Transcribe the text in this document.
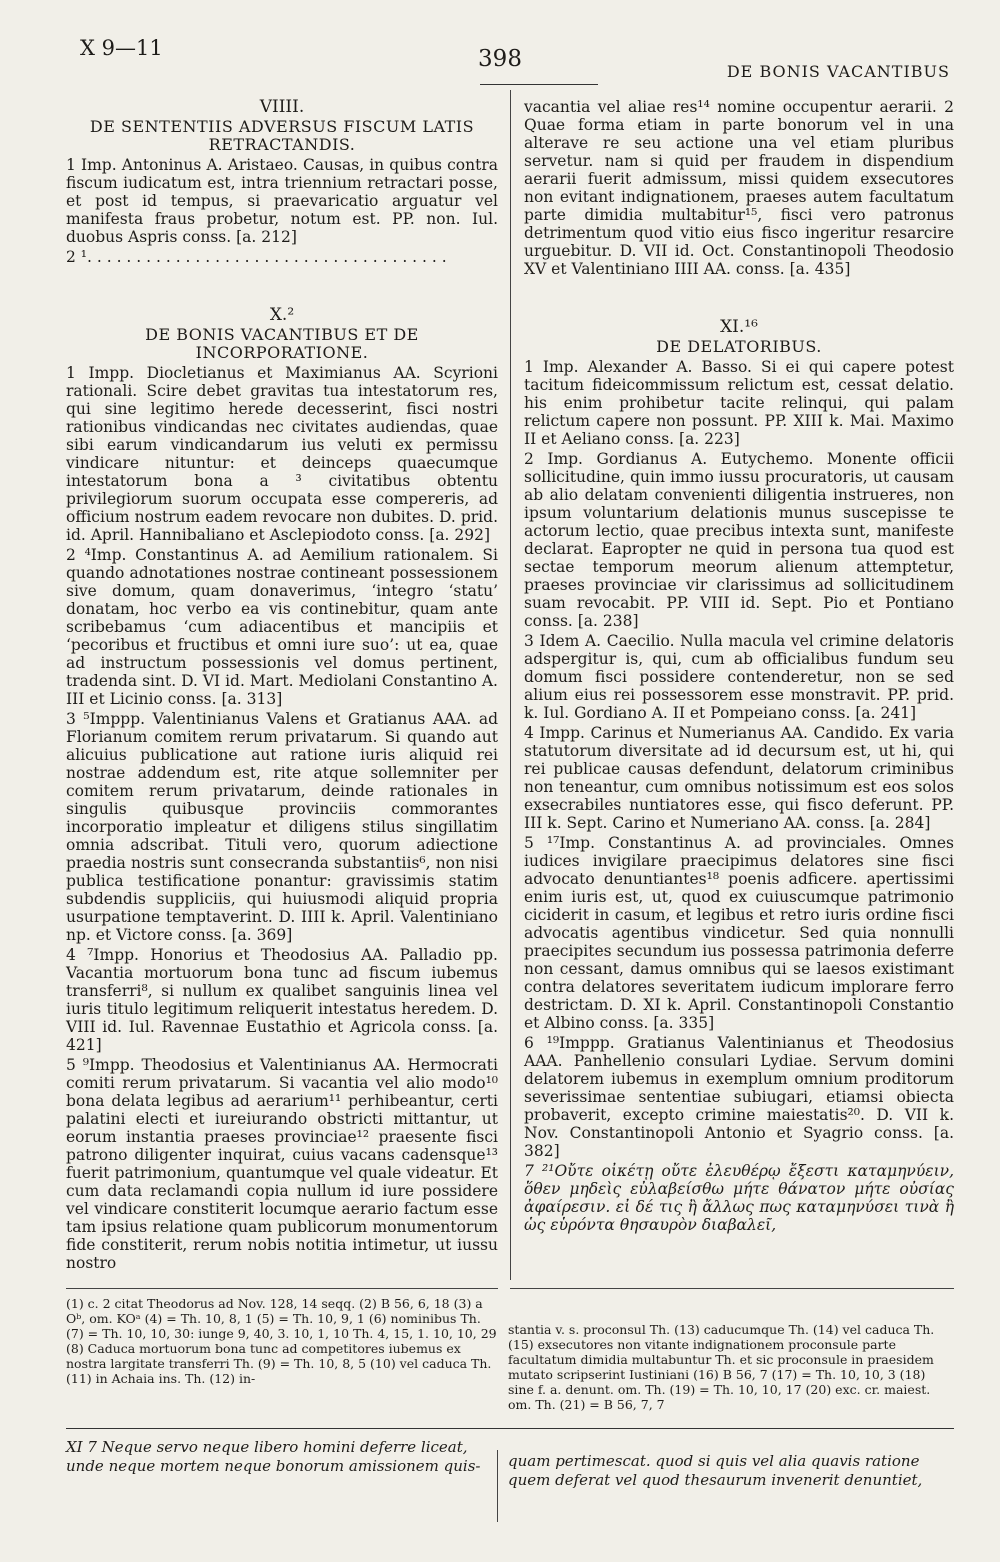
X 9—11	398	DE BONIS VACANTIBUS
VIIII.
DE SENTENTIIS ADVERSUS FISCUM LATIS RETRACTANDIS.

1 Imp. Antoninus A. Aristaeo. Causas, in quibus contra fiscum iudicatum est, intra triennium retractari posse, et post id tempus, si praevaricatio arguatur vel manifesta fraus probetur, notum est. PP. non. Iul. duobus Aspris conss. [a. 212]

2 ¹. . . . . . . . . . . . . . . . . . . . . . . . . . . . . . . . . . . . .

X.²
DE BONIS VACANTIBUS ET DE INCORPORATIONE.

1 Impp. Diocletianus et Maximianus AA. Scyrioni rationali. Scire debet gravitas tua intestatorum res, qui sine legitimo herede decesserint, fisci nostri rationibus vindicandas nec civitates audiendas, quae sibi earum vindicandarum ius veluti ex permissu vindicare nituntur: et deinceps quaecumque intestatorum bona a ³ civitatibus obtentu privilegiorum suorum occupata esse compereris, ad officium nostrum eadem revocare non dubites. D. prid. id. April. Hannibaliano et Asclepiodoto conss. [a. 292]

2 ⁴Imp. Constantinus A. ad Aemilium rationalem. Si quando adnotationes nostrae contineant possessionem sive domum, quam donaverimus, ‘integro ‘statu’ donatam, hoc verbo ea vis continebitur, quam ante scribebamus ‘cum adiacentibus et mancipiis et ‘pecoribus et fructibus et omni iure suo’: ut ea, quae ad instructum possessionis vel domus pertinent, tradenda sint. D. VI id. Mart. Mediolani Constantino A. III et Licinio conss. [a. 313]

3 ⁵Imppp. Valentinianus Valens et Gratianus AAA. ad Florianum comitem rerum privatarum. Si quando aut alicuius publicatione aut ratione iuris aliquid rei nostrae addendum est, rite atque sollemniter per comitem rerum privatarum, deinde rationales in singulis quibusque provinciis commorantes incorporatio impleatur et diligens stilus singillatim omnia adscribat. Tituli vero, quorum adiectione praedia nostris sunt consecranda substantiis⁶, non nisi publica testificatione ponantur: gravissimis statim subdendis suppliciis, qui huiusmodi aliquid propria usurpatione temptaverint. D. IIII k. April. Valentiniano np. et Victore conss. [a. 369]

4 ⁷Impp. Honorius et Theodosius AA. Palladio pp. Vacantia mortuorum bona tunc ad fiscum iubemus transferri⁸, si nullum ex qualibet sanguinis linea vel iuris titulo legitimum reliquerit intestatus heredem. D. VIII id. Iul. Ravennae Eustathio et Agricola conss. [a. 421]

5 ⁹Impp. Theodosius et Valentinianus AA. Hermocrati comiti rerum privatarum. Si vacantia vel alio modo¹⁰ bona delata legibus ad aerarium¹¹ perhibeantur, certi palatini electi et iureiurando obstricti mittantur, ut eorum instantia praeses provinciae¹² praesente fisci patrono diligenter inquirat, cuius vacans cadensque¹³ fuerit patrimonium, quantumque vel quale videatur. Et cum data reclamandi copia nullum id iure possidere vel vindicare constiterit locumque aerario factum esse tam ipsius relatione quam publicorum monumentorum fide constiterit, rerum nobis notitia intimetur, ut iussu nostro

vacantia vel aliae res¹⁴ nomine occupentur aerarii. 2 Quae forma etiam in parte bonorum vel in una alterave re seu actione una vel etiam pluribus servetur. nam si quid per fraudem in dispendium aerarii fuerit admissum, missi quidem exsecutores non evitant indignationem, praeses autem facultatum parte dimidia multabitur¹⁵, fisci vero patronus detrimentum quod vitio eius fisco ingeritur resarcire urguebitur. D. VII id. Oct. Constantinopoli Theodosio XV et Valentiniano IIII AA. conss. [a. 435]

XI.¹⁶
DE DELATORIBUS.

1 Imp. Alexander A. Basso. Si ei qui capere potest tacitum fideicommissum relictum est, cessat delatio. his enim prohibetur tacite relinqui, qui palam relictum capere non possunt. PP. XIII k. Mai. Maximo II et Aeliano conss. [a. 223]

2 Imp. Gordianus A. Eutychemo. Monente officii sollicitudine, quin immo iussu procuratoris, ut causam ab alio delatam convenienti diligentia instrueres, non ipsum voluntarium delationis munus suscepisse te actorum lectio, quae precibus intexta sunt, manifeste declarat. Eapropter ne quid in persona tua quod est sectae temporum meorum alienum attemptetur, praeses provinciae vir clarissimus ad sollicitudinem suam revocabit. PP. VIII id. Sept. Pio et Pontiano conss. [a. 238]

3 Idem A. Caecilio. Nulla macula vel crimine delatoris adspergitur is, qui, cum ab officialibus fundum seu domum fisci possidere contenderetur, non se sed alium eius rei possessorem esse monstravit. PP. prid. k. Iul. Gordiano A. II et Pompeiano conss. [a. 241]

4 Impp. Carinus et Numerianus AA. Candido. Ex varia statutorum diversitate ad id decursum est, ut hi, qui rei publicae causas defendunt, delatorum criminibus non teneantur, cum omnibus notissimum est eos solos exsecrabiles nuntiatores esse, qui fisco deferunt. PP. III k. Sept. Carino et Numeriano AA. conss. [a. 284]

5 ¹⁷Imp. Constantinus A. ad provinciales. Omnes iudices invigilare praecipimus delatores sine fisci advocato denuntiantes¹⁸ poenis adficere. apertissimi enim iuris est, ut, quod ex cuiuscumque patrimonio ciciderit in casum, et legibus et retro iuris ordine fisci advocatis agentibus vindicetur. Sed quia nonnulli praecipites secundum ius possessa patrimonia deferre non cessant, damus omnibus qui se laesos existimant contra delatores severitatem iudicum implorare ferro destrictam. D. XI k. April. Constantinopoli Constantio et Albino conss. [a. 335]

6 ¹⁹Imppp. Gratianus Valentinianus et Theodosius AAA. Panhellenio consulari Lydiae. Servum domini delatorem iubemus in exemplum omnium proditorum severissimae sententiae subiugari, etiamsi obiecta probaverit, excepto crimine maiestatis²⁰. D. VII k. Nov. Constantinopoli Antonio et Syagrio conss. [a. 382]

7 ²¹Οὔτε οἰκέτῃ οὔτε ἐλευθέρῳ ἔξεστι καταμηνύειν, ὅθεν μηδεὶς εὐλαβείσθω μήτε θάνατον μήτε οὐσίας ἀφαίρεσιν. εἰ δέ τις ἢ ἄλλως πως καταμηνύσει τινὰ ἢ ὡς εὑρόντα θησαυρὸν διαβαλεῖ,

(1) c. 2 citat Theodorus ad Nov. 128, 14 seqq. (2) B 56, 6, 18 (3) a Oᵇ, om. KOᵃ (4) = Th. 10, 8, 1 (5) = Th. 10, 9, 1 (6) nominibus Th. (7) = Th. 10, 10, 30: iunge 9, 40, 3. 10, 1, 10 Th. 4, 15, 1. 10, 10, 29 (8) Caduca mortuorum bona tunc ad competitores iubemus ex nostra largitate transferri Th. (9) = Th. 10, 8, 5 (10) vel caduca Th. (11) in Achaia ins. Th. (12) in-
stantia v. s. proconsul Th. (13) caducumque Th. (14) vel caduca Th. (15) exsecutores non vitante indignationem proconsule parte facultatum dimidia multabuntur Th. et sic proconsule in praesidem mutato scripserint Iustiniani (16) B 56, 7 (17) = Th. 10, 10, 3 (18) sine f. a. denunt. om. Th. (19) = Th. 10, 10, 17 (20) exc. cr. maiest. om. Th. (21) = B 56, 7, 7
XI 7 Neque servo neque libero homini deferre liceat, unde neque mortem neque bonorum amissionem quis-	quam pertimescat. quod si quis vel alia quavis ratione quem deferat vel quod thesaurum invenerit denuntiet,
